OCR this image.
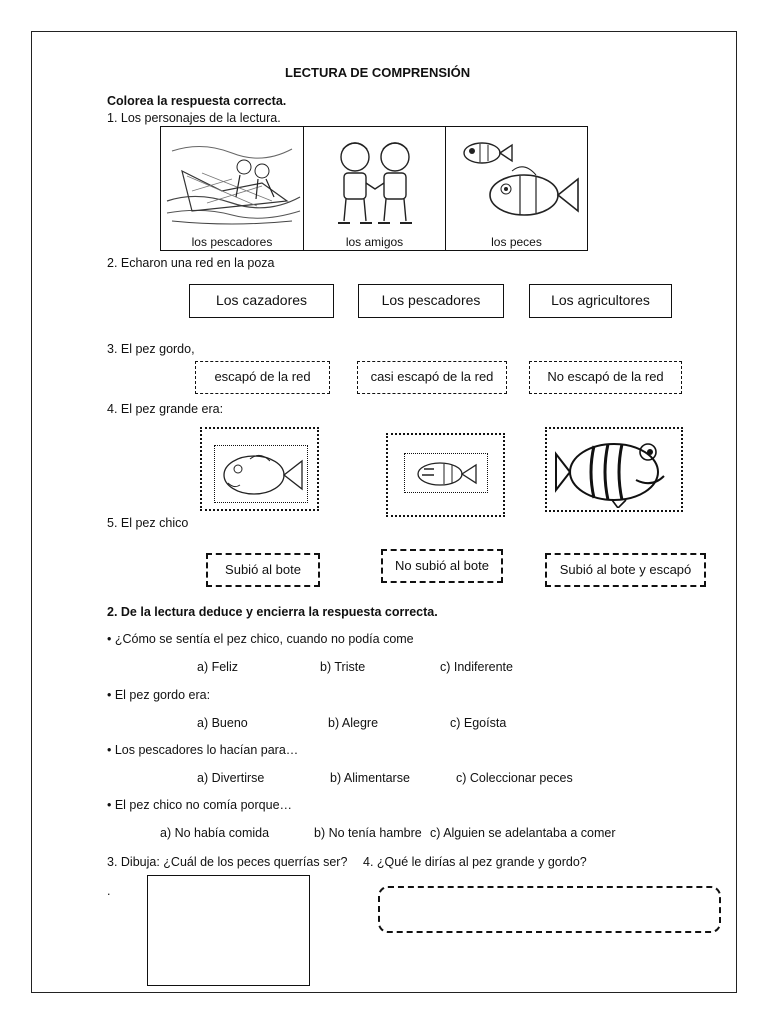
LECTURA DE COMPRENSIÓN
Colorea la respuesta correcta.
1. Los personajes de la lectura.
los pescadores	los amigos	los peces
2. Echaron una red en la poza
Los cazadores	Los pescadores	Los agricultores
3. El pez gordo,
escapó de la red	casi escapó de la red	No escapó de la red
4. El pez grande era:
5. El pez chico
Subió al bote	No subió al bote	Subió al bote y escapó
2. De la lectura deduce y encierra la respuesta correcta.
• ¿Cómo se sentía el pez chico, cuando no podía come
a) Feliz	b) Triste	c) Indiferente
• El pez gordo era:
a) Bueno	b) Alegre	c) Egoísta
• Los pescadores lo hacían para…
a) Divertirse	b) Alimentarse	c) Coleccionar peces
• El pez chico no comía porque…
a) No había comida	b) No tenía hambre c) Alguien se adelantaba a comer
3. Dibuja: ¿Cuál de los peces querrías ser? 4. ¿Qué le dirías al pez grande y gordo?
.
